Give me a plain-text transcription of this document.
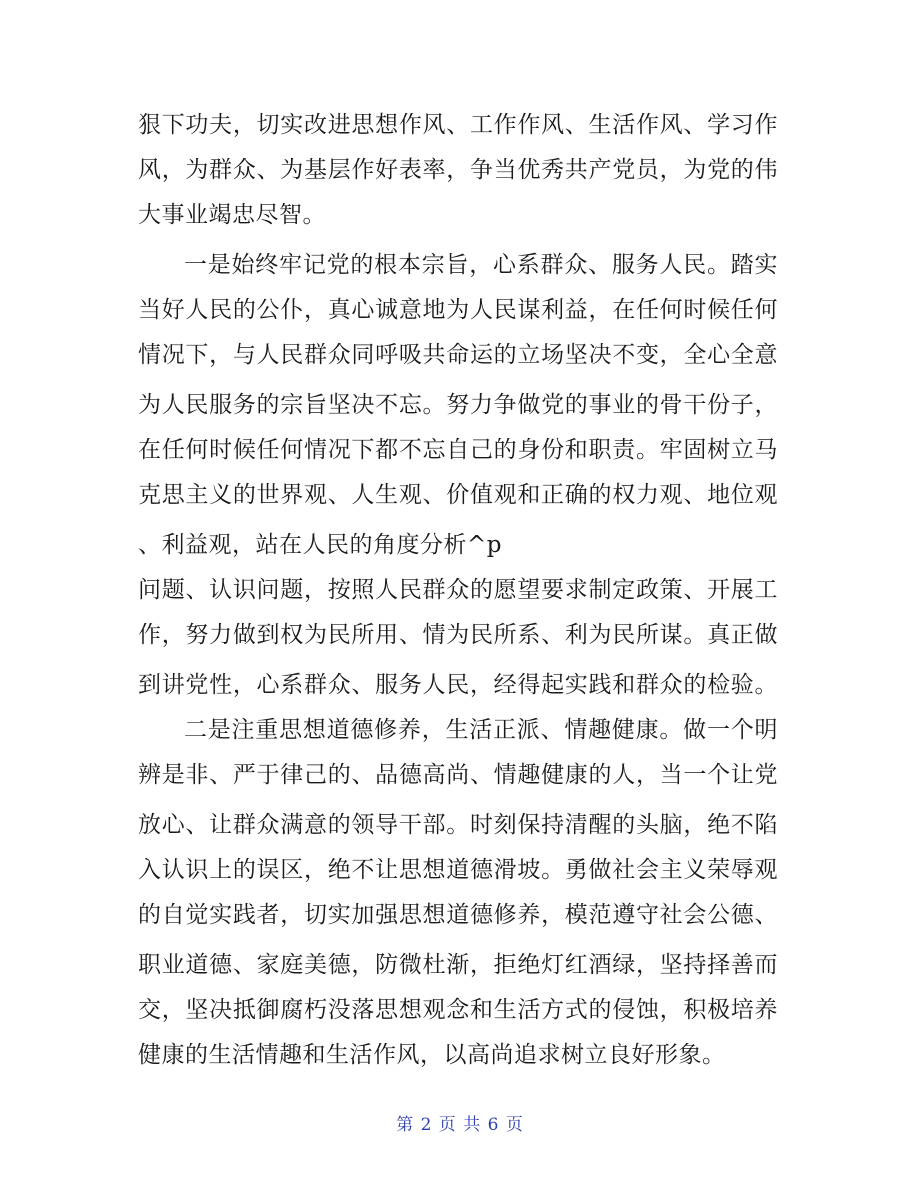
狠下功夫，切实改进思想作风、工作作风、生活作风、学习作
风，为群众、为基层作好表率，争当优秀共产党员，为党的伟
大事业竭忠尽智。
一是始终牢记党的根本宗旨，心系群众、服务人民。踏实
当好人民的公仆，真心诚意地为人民谋利益，在任何时候任何
情况下，与人民群众同呼吸共命运的立场坚决不变，全心全意
为人民服务的宗旨坚决不忘。努力争做党的事业的骨干份子，
在任何时候任何情况下都不忘自己的身份和职责。牢固树立马
克思主义的世界观、人生观、价值观和正确的权力观、地位观
、利益观，站在人民的角度分析^p
问题、认识问题，按照人民群众的愿望要求制定政策、开展工
作，努力做到权为民所用、情为民所系、利为民所谋。真正做
到讲党性，心系群众、服务人民，经得起实践和群众的检验。
二是注重思想道德修养，生活正派、情趣健康。做一个明
辨是非、严于律己的、品德高尚、情趣健康的人，当一个让党
放心、让群众满意的领导干部。时刻保持清醒的头脑，绝不陷
入认识上的误区，绝不让思想道德滑坡。勇做社会主义荣辱观
的自觉实践者，切实加强思想道德修养，模范遵守社会公德、
职业道德、家庭美德，防微杜渐，拒绝灯红酒绿，坚持择善而
交，坚决抵御腐朽没落思想观念和生活方式的侵蚀，积极培养
健康的生活情趣和生活作风，以高尚追求树立良好形象。
第 2 页 共 6 页
